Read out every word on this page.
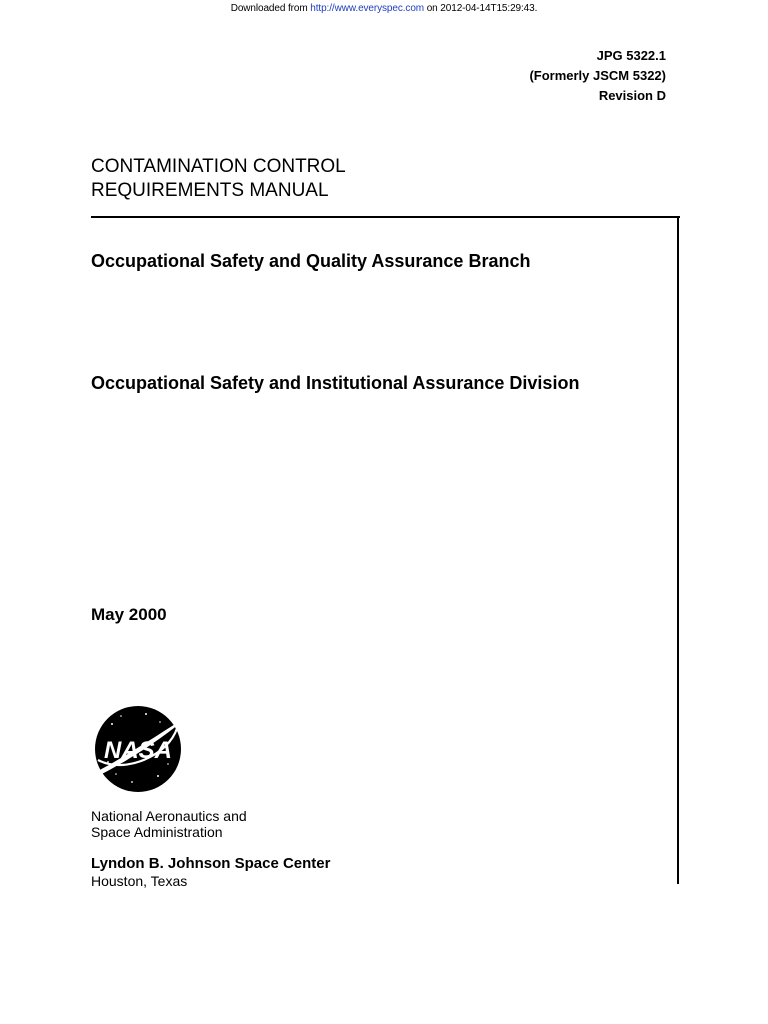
Downloaded from http://www.everyspec.com on 2012-04-14T15:29:43.
JPG 5322.1
(Formerly JSCM 5322)
Revision D
CONTAMINATION CONTROL
REQUIREMENTS MANUAL
Occupational Safety and Quality Assurance Branch
Occupational Safety and Institutional Assurance Division
May 2000
NASA
National Aeronautics and
Space Administration
Lyndon B. Johnson Space Center
Houston, Texas
